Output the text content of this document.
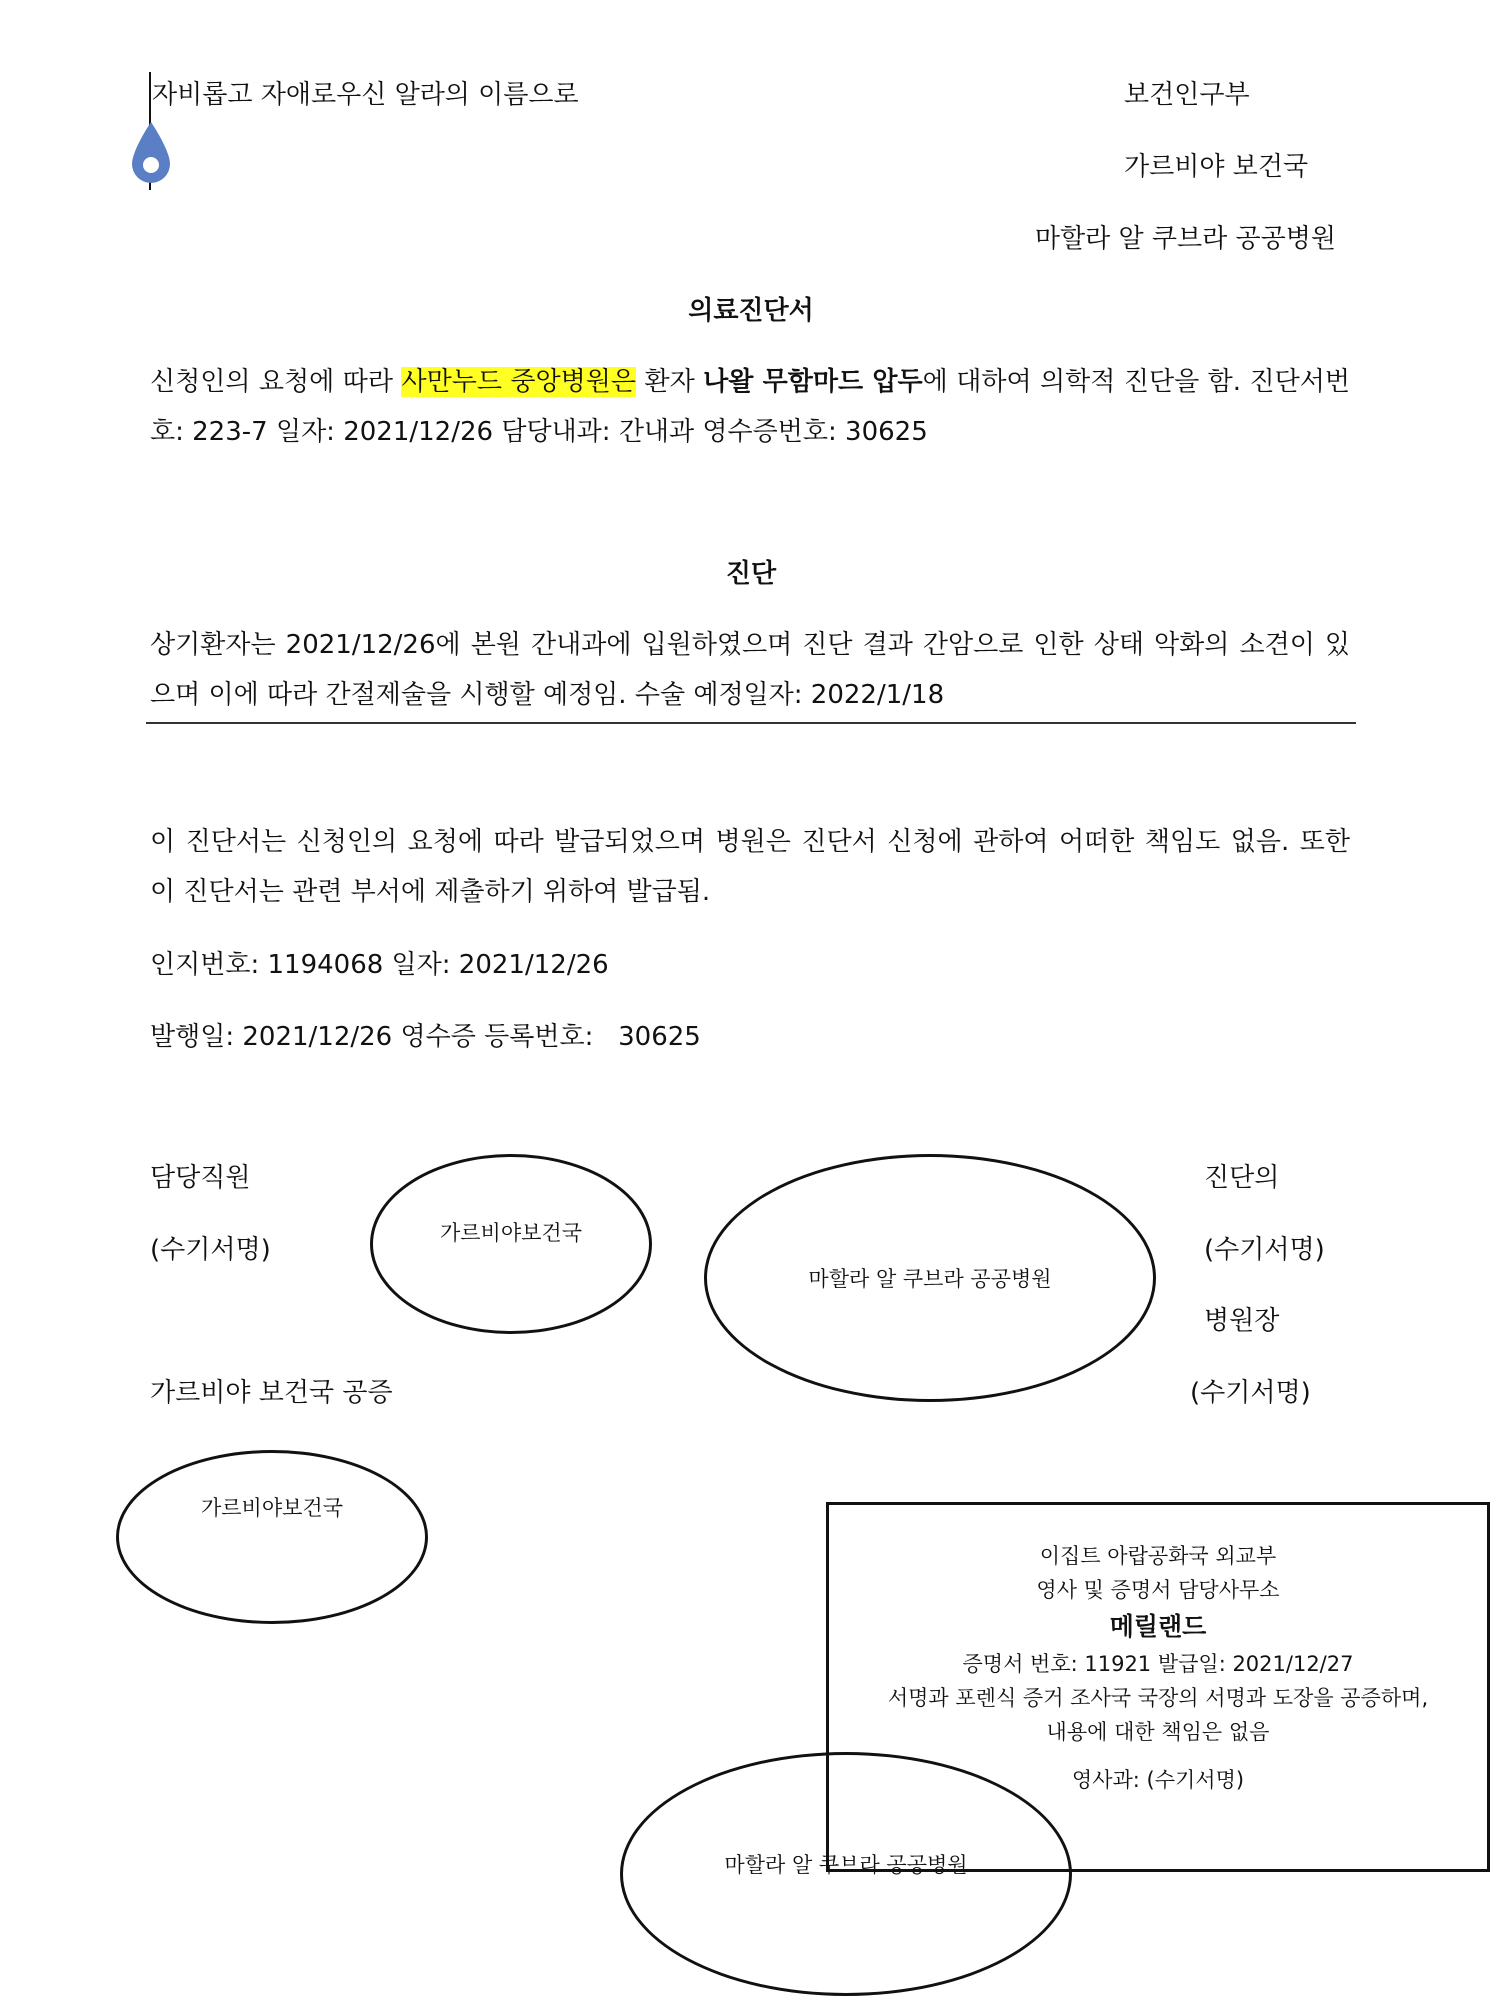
자비롭고 자애로우신 알라의 이름으로	보건인구부
가르비야 보건국
마할라 알 쿠브라 공공병원
의료진단서
신청인의 요청에 따라 사만누드 중앙병원은 환자 나왈 무함마드 압두에 대하여 의학적 진단을 함. 진단서번호: 223-7 일자: 2021/12/26 담당내과: 간내과 영수증번호: 30625
진단
상기환자는 2021/12/26에 본원 간내과에 입원하였으며 진단 결과 간암으로 인한 상태 악화의 소견이 있으며 이에 따라 간절제술을 시행할 예정임. 수술 예정일자: 2022/1/18
이 진단서는 신청인의 요청에 따라 발급되었으며 병원은 진단서 신청에 관하여 어떠한 책임도 없음. 또한 이 진단서는 관련 부서에 제출하기 위하여 발급됨.
인지번호: 1194068 일자: 2021/12/26
발행일: 2021/12/26 영수증 등록번호:   30625
담당직원
(수기서명)
진단의
(수기서명)
병원장
(수기서명)
가르비야 보건국 공증
가르비야보건국
마할라 알 쿠브라 공공병원
가르비야보건국
이집트 아랍공화국 외교부
영사 및 증명서 담당사무소
메릴랜드
증명서 번호: 11921 발급일: 2021/12/27
서명과 포렌식 증거 조사국 국장의 서명과 도장을 공증하며,
내용에 대한 책임은 없음
영사과: (수기서명)
마할라 알 쿠브라 공공병원
